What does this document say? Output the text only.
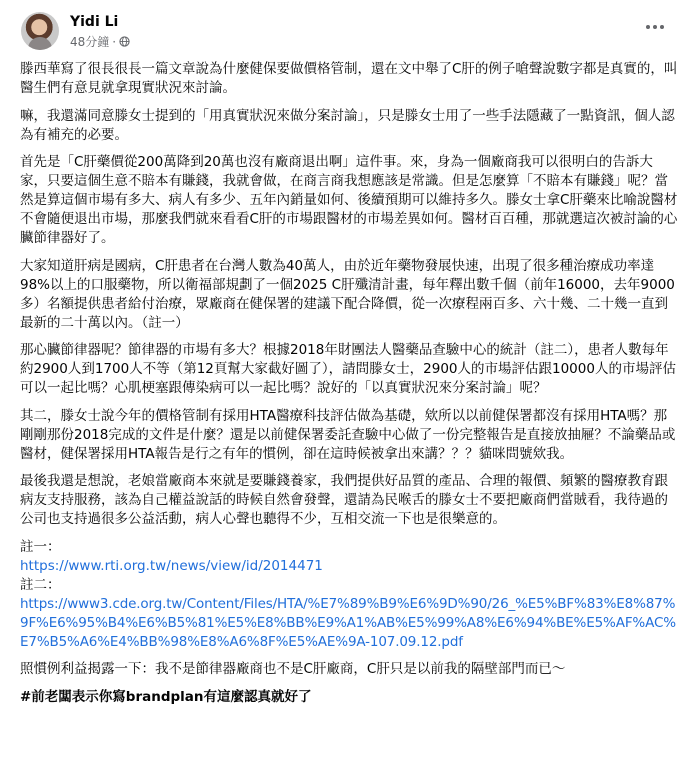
Yidi Li
48分鐘 ·

滕西華寫了很長很長一篇文章說為什麼健保要做價格管制，還在文中舉了C肝的例子嗆聲說數字都是真實的，叫醫生們有意見就拿現實狀況來討論。

嘛，我還滿同意滕女士提到的「用真實狀況來做分案討論」，只是滕女士用了一些手法隱藏了一點資訊，個人認為有補充的必要。

首先是「C肝藥價從200萬降到20萬也沒有廠商退出啊」這件事。來，身為一個廠商我可以很明白的告訴大家，只要這個生意不賠本有賺錢，我就會做，在商言商我想應該是常識。但是怎麼算「不賠本有賺錢」呢？當然是算這個市場有多大、病人有多少、五年內銷量如何、後續預期可以維持多久。滕女士拿C肝藥來比喻說醫材不會隨便退出市場，那麼我們就來看看C肝的市場跟醫材的市場差異如何。醫材百百種，那就選這次被討論的心臟節律器好了。

大家知道肝病是國病，C肝患者在台灣人數為40萬人，由於近年藥物發展快速，出現了很多種治療成功率達98%以上的口服藥物，所以衛福部規劃了一個2025 C肝殲清計畫，每年釋出數千個（前年16000，去年9000多）名額提供患者給付治療，眾廠商在健保署的建議下配合降價，從一次療程兩百多、六十幾、二十幾一直到最新的二十萬以內。（註一）

那心臟節律器呢？節律器的市場有多大？根據2018年財團法人醫藥品查驗中心的統計（註二），患者人數每年約2900人到1700人不等（第12頁幫大家截好圖了），請問滕女士，2900人的市場評估跟10000人的市場評估可以一起比嗎？心肌梗塞跟傳染病可以一起比嗎？說好的「以真實狀況來分案討論」呢？

其二，滕女士說今年的價格管制有採用HTA醫療科技評估做為基礎，欸所以以前健保署都沒有採用HTA嗎？那剛剛那份2018完成的文件是什麼？還是以前健保署委託查驗中心做了一份完整報告是直接放抽屜？不論藥品或醫材，健保署採用HTA報告是行之有年的慣例，卻在這時候被拿出來講？？？貓咪問號欸我。

最後我還是想說，老娘當廠商本來就是要賺錢養家，我們提供好品質的產品、合理的報價、頻繁的醫療教育跟病友支持服務，該為自己權益說話的時候自然會發聲，還請為民喉舌的滕女士不要把廠商們當賊看，我待過的公司也支持過很多公益活動，病人心聲也聽得不少，互相交流一下也是很樂意的。

註一：

https://www.rti.org.tw/news/view/id/2014471

註二：

https://www3.cde.org.tw/Content/Files/HTA/%E7%89%B9%E6%9D%90/26_%E5%BF%83%E8%87%9F%E6%95%B4%E6%B5%81%E5%E8%BB%E9%A1%AB%E5%99%A8%E6%94%BE%E5%AF%AC%E7%B5%A6%E4%BB%98%E8%A6%8F%E5%AE%9A-107.09.12.pdf

照慣例利益揭露一下：我不是節律器廠商也不是C肝廠商，C肝只是以前我的隔壁部門而已～

#前老闆表示你寫brandplan有這麼認真就好了
